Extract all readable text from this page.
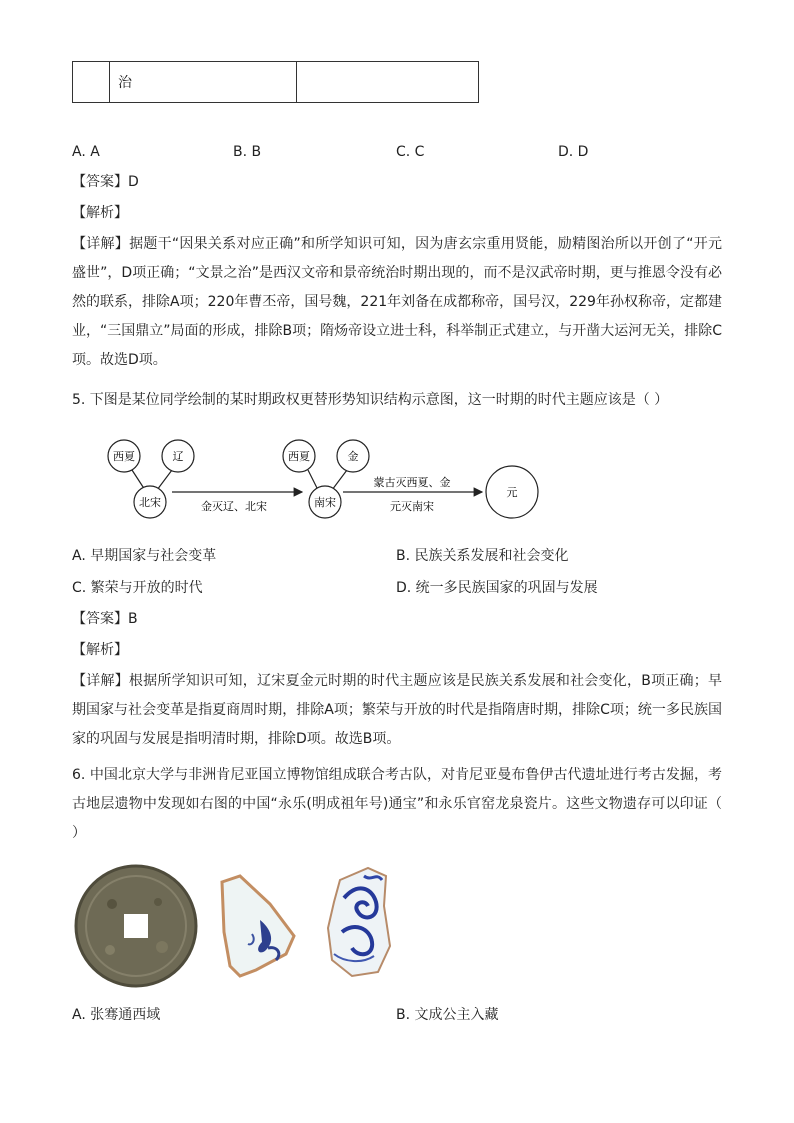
	治	
A. A	B. B	C. C	D. D
【答案】D
【解析】
【详解】据题干“因果关系对应正确”和所学知识可知，因为唐玄宗重用贤能，励精图治所以开创了“开元盛世”，D项正确；“文景之治”是西汉文帝和景帝统治时期出现的，而不是汉武帝时期，更与推恩令没有必然的联系，排除A项；220年曹丕帝，国号魏，221年刘备在成都称帝，国号汉，229年孙权称帝，定都建业，“三国鼎立”局面的形成，排除B项；隋炀帝设立进士科，科举制正式建立，与开凿大运河无关，排除C项。故选D项。
5. 下图是某位同学绘制的某时期政权更替形势知识结构示意图，这一时期的时代主题应该是（ ）
西夏	辽
北宋
西夏	金
南宋
元
金灭辽、北宋
蒙古灭西夏、金
元灭南宋
A. 早期国家与社会变革	B. 民族关系发展和社会变化
C. 繁荣与开放的时代	D. 统一多民族国家的巩固与发展
【答案】B
【解析】
【详解】根据所学知识可知，辽宋夏金元时期的时代主题应该是民族关系发展和社会变化，B项正确；早期国家与社会变革是指夏商周时期，排除A项；繁荣与开放的时代是指隋唐时期，排除C项；统一多民族国家的巩固与发展是指明清时期，排除D项。故选B项。
6. 中国北京大学与非洲肯尼亚国立博物馆组成联合考古队，对肯尼亚曼布鲁伊古代遗址进行考古发掘，考古地层遗物中发现如右图的中国“永乐(明成祖年号)通宝”和永乐官窑龙泉瓷片。这些文物遗存可以印证（ ）
A. 张骞通西域	B. 文成公主入藏
